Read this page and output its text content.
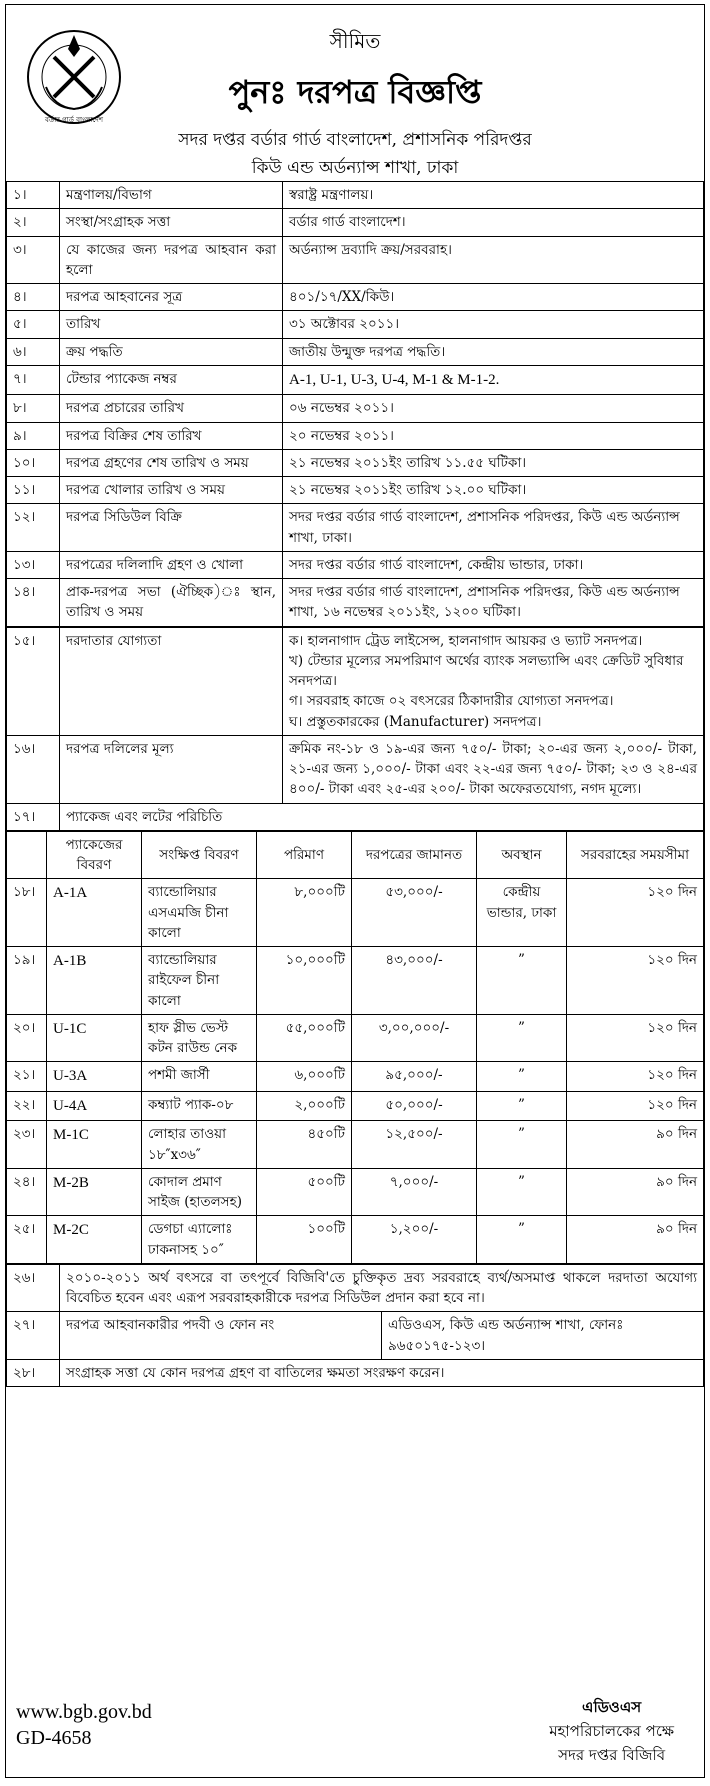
বর্ডার গার্ড বাংলাদেশ
সীমিত
পুনঃ দরপত্র বিজ্ঞপ্তি
সদর দপ্তর বর্ডার গার্ড বাংলাদেশ, প্রশাসনিক পরিদপ্তর
কিউ এন্ড অর্ডন্যান্স শাখা, ঢাকা
১।	মন্ত্রণালয়/বিভাগ	স্বরাষ্ট্র মন্ত্রণালয়।
২।	সংস্থা/সংগ্রাহক সত্তা	বর্ডার গার্ড বাংলাদেশ।
৩।	যে কাজের জন্য দরপত্র আহবান করা হলো	অর্ডন্যান্স দ্রব্যাদি ক্রয়/সরবরাহ।
৪।	দরপত্র আহবানের সূত্র	৪০১/১৭/XX/কিউ।
৫।	তারিখ	৩১ অক্টোবর ২০১১।
৬।	ক্রয় পদ্ধতি	জাতীয় উন্মুক্ত দরপত্র পদ্ধতি।
৭।	টেন্ডার প্যাকেজ নম্বর	A-1, U-1, U-3, U-4, M-1 & M-1-2.
৮।	দরপত্র প্রচারের তারিখ	০৬ নভেম্বর ২০১১।
৯।	দরপত্র বিক্রির শেষ তারিখ	২০ নভেম্বর ২০১১।
১০।	দরপত্র গ্রহণের শেষ তারিখ ও সময়	২১ নভেম্বর ২০১১ইং তারিখ ১১.৫৫ ঘটিকা।
১১।	দরপত্র খোলার তারিখ ও সময়	২১ নভেম্বর ২০১১ইং তারিখ ১২.০০ ঘটিকা।
১২।	দরপত্র সিডিউল বিক্রি	সদর দপ্তর বর্ডার গার্ড বাংলাদেশ, প্রশাসনিক পরিদপ্তর, কিউ এন্ড অর্ডন্যান্স শাখা, ঢাকা।
১৩।	দরপত্রের দলিলাদি গ্রহণ ও খোলা	সদর দপ্তর বর্ডার গার্ড বাংলাদেশ, কেন্দ্রীয় ভান্ডার, ঢাকা।
১৪।	প্রাক-দরপত্র সভা (ঐচ্ছিক)ঃ স্থান, তারিখ ও সময়	সদর দপ্তর বর্ডার গার্ড বাংলাদেশ, প্রশাসনিক পরিদপ্তর, কিউ এন্ড অর্ডন্যান্স শাখা, ১৬ নভেম্বর ২০১১ইং, ১২০০ ঘটিকা।
১৫।	দরদাতার যোগ্যতা	ক। হালনাগাদ ট্রেড লাইসেন্স, হালনাগাদ আয়কর ও ভ্যাট সনদপত্র।
খ) টেন্ডার মূল্যের সমপরিমাণ অর্থের ব্যাংক সলভ্যান্সি এবং ক্রেডিট সুবিধার সনদপত্র।
গ। সরবরাহ কাজে ০২ বৎসরের ঠিকাদারীর যোগ্যতা সনদপত্র।
ঘ। প্রস্তুতকারকের (Manufacturer) সনদপত্র।

১৬।	দরপত্র দলিলের মূল্য	ক্রমিক নং-১৮ ও ১৯-এর জন্য ৭৫০/- টাকা; ২০-এর জন্য ২,০০০/- টাকা, ২১-এর জন্য ১,০০০/- টাকা এবং ২২-এর জন্য ৭৫০/- টাকা; ২৩ ও ২৪-এর ৪০০/- টাকা এবং ২৫-এর ২০০/- টাকা অফেরতযোগ্য, নগদ মূল্যে।
১৭।	প্যাকেজ এবং লটের পরিচিতি	
	প্যাকেজের বিবরণ	সংক্ষিপ্ত বিবরণ	পরিমাণ	দরপত্রের জামানত	অবস্থান	সরবরাহের সময়সীমা
১৮।	A-1A	ব্যান্ডোলিয়ার এসএমজি চীনা কালো	৮,০০০টি	৫৩,০০০/-	কেন্দ্রীয় ভান্ডার, ঢাকা	১২০ দিন
১৯।	A-1B	ব্যান্ডোলিয়ার রাইফেল চীনা কালো	১০,০০০টি	৪৩,০০০/-	”	১২০ দিন
২০।	U-1C	হাফ স্লীভ ভেস্ট কটন রাউন্ড নেক	৫৫,০০০টি	৩,০০,০০০/-	”	১২০ দিন
২১।	U-3A	পশমী জার্সী	৬,০০০টি	৯৫,০০০/-	”	১২০ দিন
২২।	U-4A	কম্ব্যাট প্যাক-০৮	২,০০০টি	৫০,০০০/-	”	১২০ দিন
২৩।	M-1C	লোহার তাওয়া ১৮″x৩৬″	৪৫০টি	১২,৫০০/-	”	৯০ দিন
২৪।	M-2B	কোদাল প্রমাণ সাইজ (হাতলসহ)	৫০০টি	৭,০০০/-	”	৯০ দিন
২৫।	M-2C	ডেগচা এ্যালোঃ ঢাকনাসহ ১০″	১০০টি	১,২০০/-	”	৯০ দিন
২৬।	২০১০-২০১১ অর্থ বৎসরে বা তৎপূর্বে বিজিবি'তে চুক্তিকৃত দ্রব্য সরবরাহে ব্যর্থ/অসমাপ্ত থাকলে দরদাতা অযোগ্য বিবেচিত হবেন এবং এরূপ সরবরাহকারীকে দরপত্র সিডিউল প্রদান করা হবে না।	
২৭।	দরপত্র আহবানকারীর পদবী ও ফোন নং	এডিওএস, কিউ এন্ড অর্ডন্যান্স শাখা, ফোনঃ ৯৬৫০১৭৫-১২৩।
২৮।	সংগ্রাহক সত্তা যে কোন দরপত্র গ্রহণ বা বাতিলের ক্ষমতা সংরক্ষণ করেন।	
www.bgb.gov.bd
GD-4658
এডিওএস
মহাপরিচালকের পক্ষে
সদর দপ্তর বিজিবি
